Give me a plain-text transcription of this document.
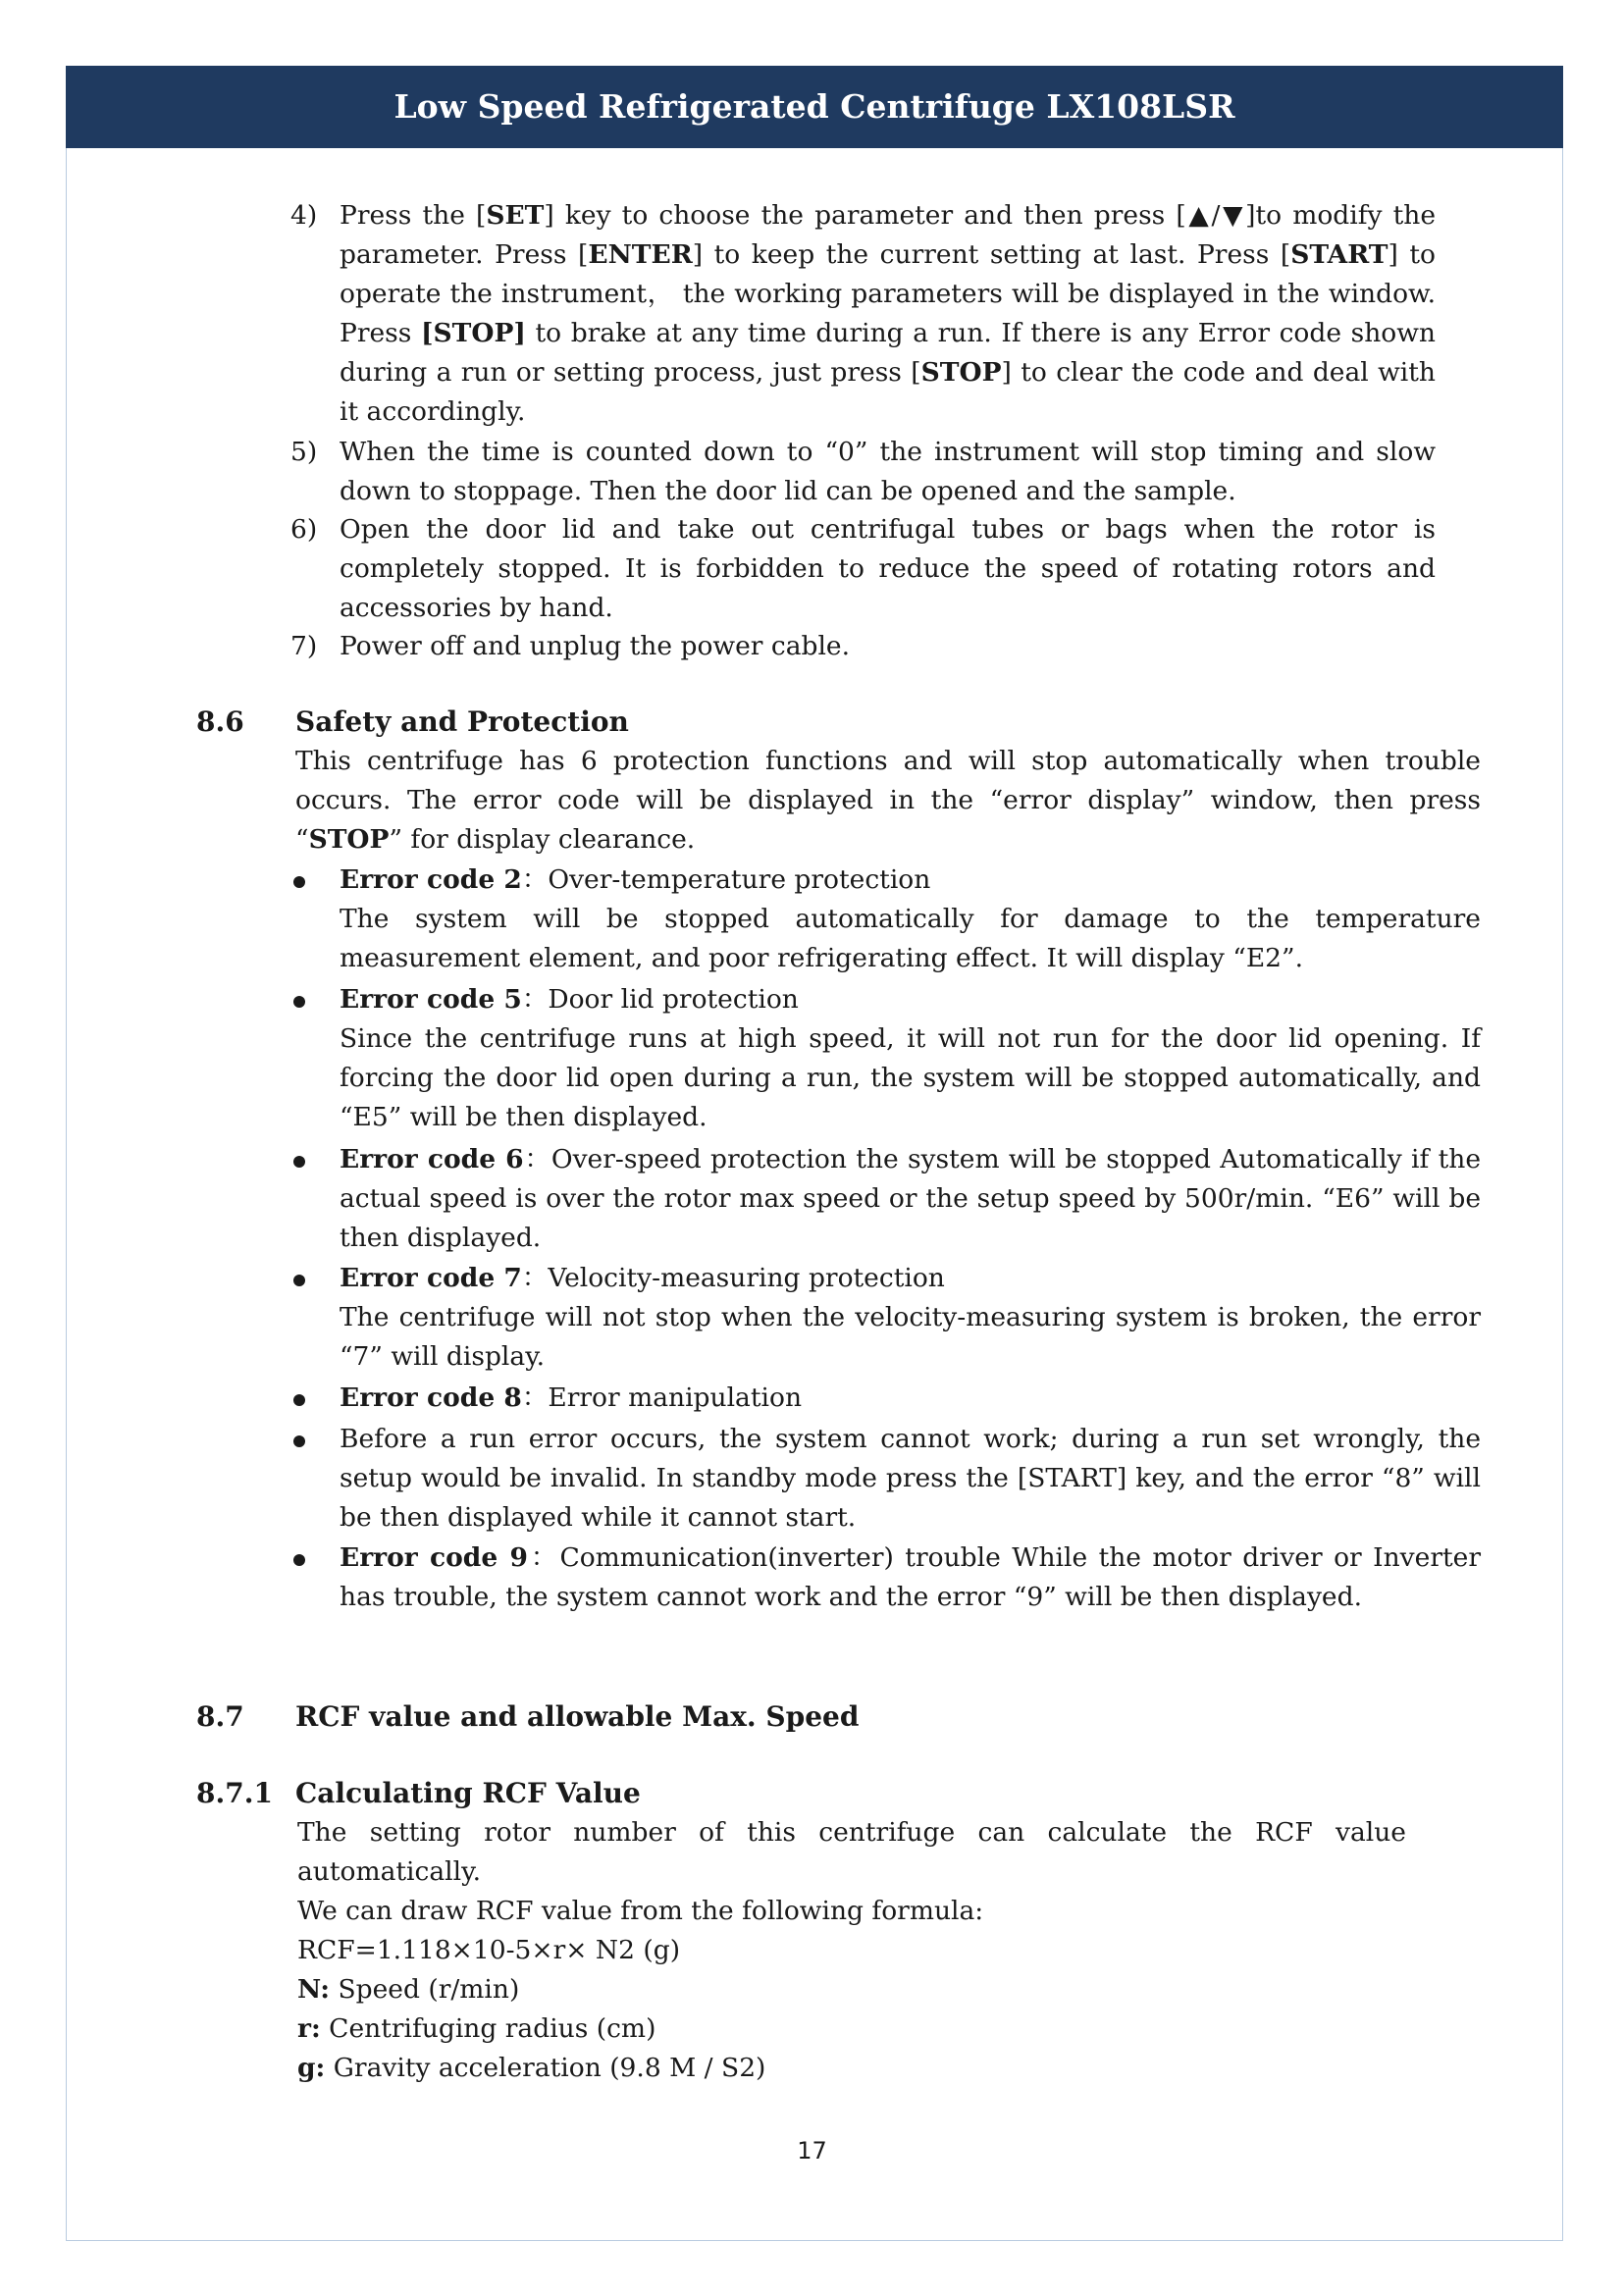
Low Speed Refrigerated Centrifuge LX108LSR
4) Press the [SET] key to choose the parameter and then press [▲/▼]to modify the parameter. Press [ENTER] to keep the current setting at last. Press [START] to operate the instrument， the working parameters will be displayed in the window. Press [STOP] to brake at any time during a run. If there is any Error code shown during a run or setting process, just press [STOP] to clear the code and deal with it accordingly.

5) When the time is counted down to “0” the instrument will stop timing and slow down to stoppage. Then the door lid can be opened and the sample.

6) Open the door lid and take out centrifugal tubes or bags when the rotor is completely stopped. It is forbidden to reduce the speed of rotating rotors and accessories by hand.

7) Power off and unplug the power cable.

8.6 Safety and Protection

This centrifuge has 6 protection functions and will stop automatically when trouble occurs. The error code will be displayed in the “error display” window, then press “STOP” for display clearance.

Error code 2：Over-temperature protection

The system will be stopped automatically for damage to the temperature measurement element, and poor refrigerating effect. It will display “E2”.

Error code 5：Door lid protection

Since the centrifuge runs at high speed, it will not run for the door lid opening. If forcing the door lid open during a run, the system will be stopped automatically, and “E5” will be then displayed.

Error code 6：Over-speed protection the system will be stopped Automatically if the actual speed is over the rotor max speed or the setup speed by 500r/min. “E6” will be then displayed.

Error code 7：Velocity-measuring protection

The centrifuge will not stop when the velocity-measuring system is broken, the error “7” will display.

Error code 8：Error manipulation

Before a run error occurs, the system cannot work; during a run set wrongly, the setup would be invalid. In standby mode press the [START] key, and the error “8” will be then displayed while it cannot start.

Error code 9：Communication(inverter) trouble While the motor driver or Inverter has trouble, the system cannot work and the error “9” will be then displayed.

8.7 RCF value and allowable Max. Speed
8.7.1 Calculating RCF Value

The setting rotor number of this centrifuge can calculate the RCF value automatically.

We can draw RCF value from the following formula:

RCF=1.118×10-5×r× N2 (g)

N: Speed (r/min)

r: Centrifuging radius (cm)

g: Gravity acceleration (9.8 M / S2)

17
